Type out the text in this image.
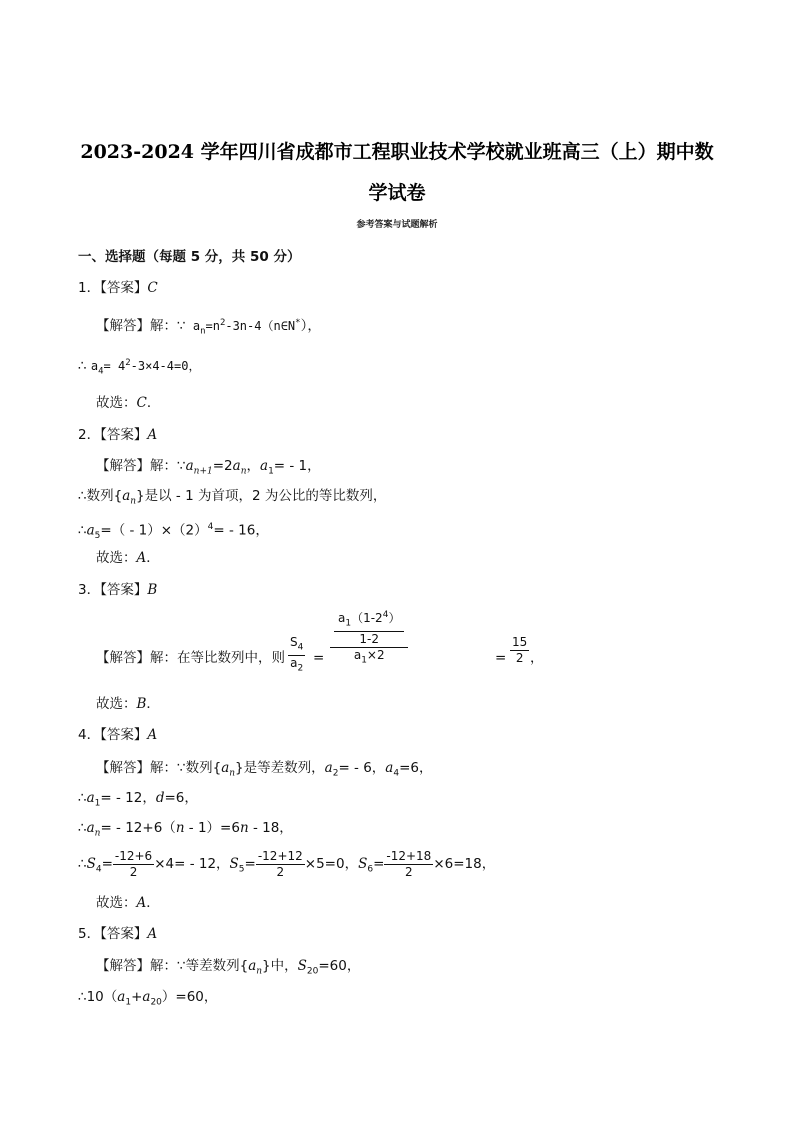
2023-2024 学年四川省成都市工程职业技术学校就业班高三（上）期中数
学试卷
参考答案与试题解析
一、选择题（每题 5 分，共 50 分）
1．【答案】C
【解答】解：∵ $a_n=n^2-3n-4(n\in N^*)$，
∴ $a_4= 4^2-3\times 4-4=0$，
故选：C．
2．【答案】A
【解答】解：$\because a_{n+1}=2a_n$，$a_1= - 1$，
∴数列$\{a_n\}$是以 - 1 为首项，2 为公比的等比数列，
$\therefore a_5=( - 1)\times(2)^4= - 16$，
故选：A．
3．【答案】B
【解答】解：在等比数列中，则 $\frac{S_4}{a_2} = \frac{\frac{a_1(1-2^4)}{1-2}}{a_1\times 2}$	= $\frac{15}{2}$ ，
故选：B．
4．【答案】A
【解答】解：∵数列$\{a_n\}$是等差数列，$a_2= - 6$，$a_4=6$，
$\therefore a_1= - 12$，d=6，
$\therefore a_n= - 12+6(n - 1)=6n - 18$，
$\therefore S_4= \frac{-12+6}{2} \times 4= - 12$，$S_5= \frac{-12+12}{2} \times 5=0$，$S_6= \frac{-12+18}{2} \times 6=18$，
故选：A．
5．【答案】A
【解答】解：∵等差数列$\{a_n\}$中，$S_{20}=60$，
$\therefore 10(a_1+a_{20})=60$，
